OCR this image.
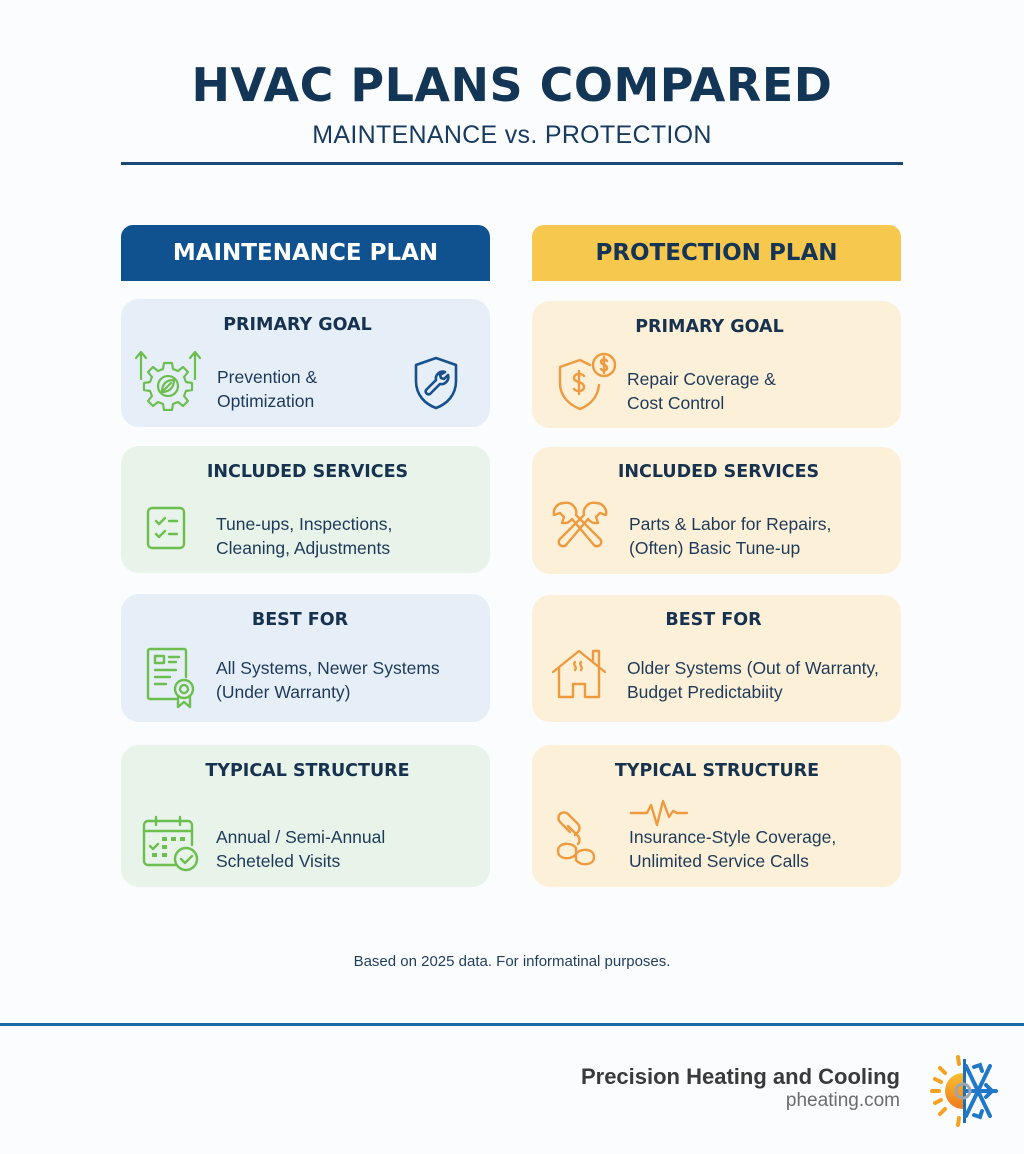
HVAC PLANS COMPARED
MAINTENANCE vs. PROTECTION
MAINTENANCE PLAN	PROTECTION PLAN
PRIMARY GOAL
Prevention &
Optimization
INCLUDED SERVICES
Tune-ups, Inspections,
Cleaning, Adjustments
BEST FOR
All Systems, Newer Systems
(Under Warranty)
TYPICAL STRUCTURE
Annual / Semi-Annual
Scheteled Visits
PRIMARY GOAL
Repair Coverage &
Cost Control
INCLUDED SERVICES
Parts & Labor for Repairs,
(Often) Basic Tune-up
BEST FOR
Older Systems (Out of Warranty,
Budget Predictabiity
TYPICAL STRUCTURE
Insurance-Style Coverage,
Unlimited Service Calls
Based on 2025 data. For informatinal purposes.
Precision Heating and Cooling
pheating.com
